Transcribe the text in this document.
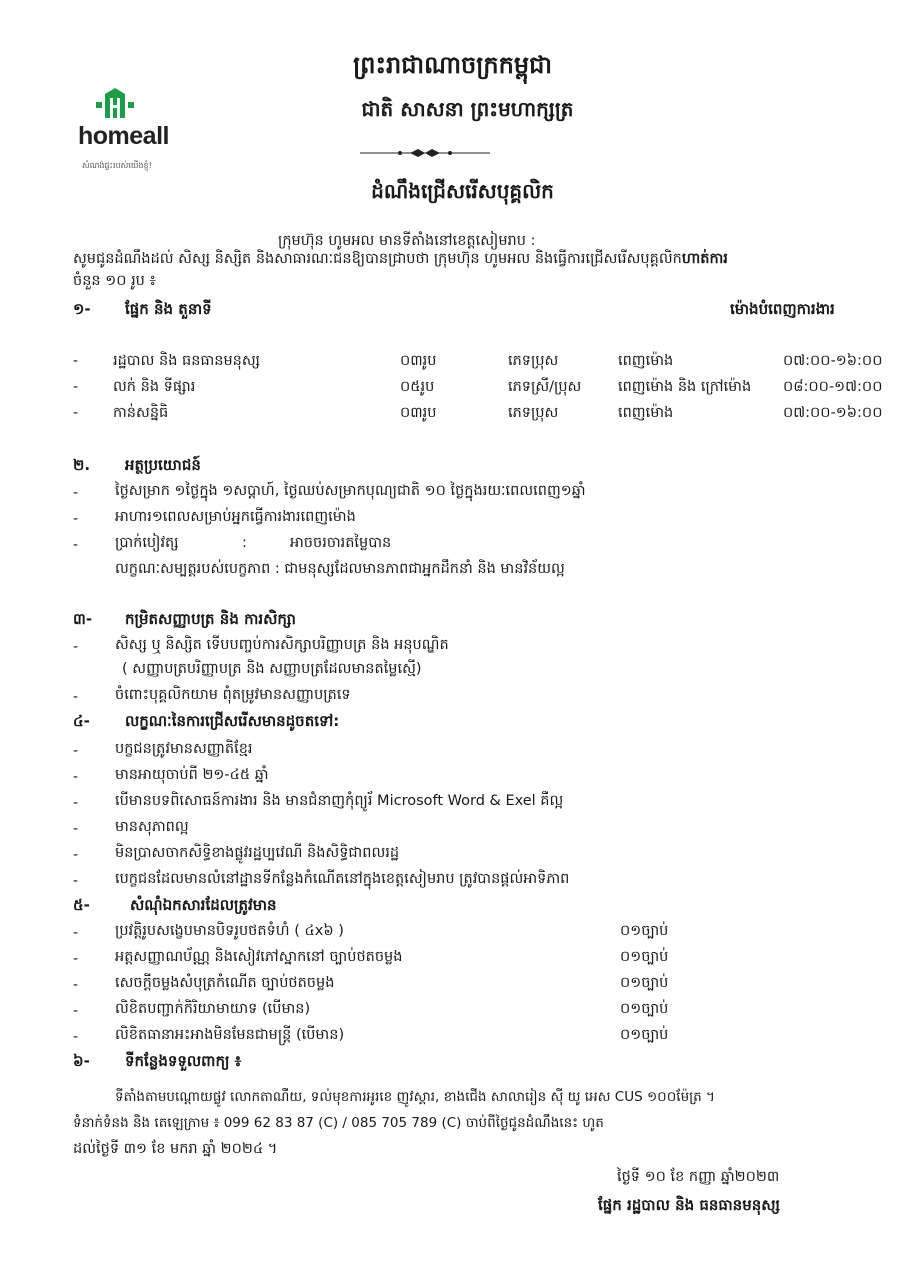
homeall
សំណង់ផ្ទះរបស់យើងខ្ញុំ!
ព្រះរាជាណាចក្រកម្ពុជា
ជាតិ សាសនា ព្រះមហាក្សត្រ
ដំណឹងជ្រើសរើសបុគ្គលិក
ក្រុមហ៊ុន ហូមអល មានទីតាំងនៅខេត្តសៀមរាប :
សូមជូនដំណឹងដល់ សិស្ស និស្សិត និងសាធារណៈជនឱ្យបានជ្រាបថា ក្រុមហ៊ុន ហូមអល និងធ្វើការជ្រើសរើសបុគ្គលិកហាត់ការ
ចំនួន ១០ រូប ៖
១- ផ្នែក និង តួនាទី	ម៉ោងបំពេញការងារ
- រដ្ឋបាល និង ធនធានមនុស្ស	០៣រូប	ភេទប្រុស	ពេញម៉ោង	០៧:០០-១៦:០០
- លក់ និង ទីផ្សារ	០៥រូប	ភេទស្រី/ប្រុស	ពេញម៉ោង និង ក្រៅម៉ោង ០៨:០០-១៧:០០
- កាន់សន្និធិ	០៣រូប	ភេទប្រុស	ពេញម៉ោង	០៧:០០-១៦:០០
២. អត្ថប្រយោជន៍
-	ថ្ងៃសម្រាក ១ថ្ងៃក្នុង ១សប្តាហ៍, ថ្ងៃឈប់សម្រាកបុណ្យជាតិ ១០ ថ្ងៃក្នុងរយៈពេលពេញ១ឆ្នាំ
-	អាហារ១ពេលសម្រាប់អ្នកធ្វើការងារពេញម៉ោង
-	ប្រាក់បៀវត្ស	:	អាចចរចារតម្លៃបាន
លក្ខណៈសម្បត្តរបស់បេក្ខភាព : ជាមនុស្សដែលមានភាពជាអ្នកដឹកនាំ និង មានវិន័យល្អ
៣- កម្រិតសញ្ញាបត្រ និង ការសិក្សា
-	សិស្ស ឬ និស្សិត ទើបបញ្ចប់ការសិក្សាបរិញ្ញាបត្រ និង អនុបណ្ឌិត
( សញ្ញាបត្របរិញ្ញាបត្រ និង សញ្ញាបត្រដែលមានតម្លៃស្មើ)
-	ចំពោះបុគ្គលិកយាម ពុំតម្រូវមានសញ្ញាបត្រទេ
៤- លក្ខណៈនៃការជ្រើសរើសមានដូចតទៅ:
-	បក្ខជនត្រូវមានសញ្ញាតិខ្មែរ
-	មានអាយុចាប់ពី ២១-៤៥ ឆ្នាំ
-	បើមានបទពិសោធន៍ការងារ និង មានជំនាញកុំព្យូរ័ Microsoft Word & Exel គឺល្អ
-	មានសុភាពល្អ
-	មិនប្រាសចាកសិទ្ធិខាងផ្លូវរដ្ឋប្បវេណី និងសិទ្ធិជាពលរដ្ឋ
-	បេក្ខជនដែលមានលំនៅដ្ឋានទីកន្លែងកំណើតនៅក្នុងខេត្តសៀមរាប ត្រូវបានផ្តល់អាទិភាព
៥-	សំណុំឯកសារដែលត្រូវមាន
-	ប្រវត្តិរូបសង្ខេបមានបិទរូបថតទំហំ ( ៤x៦ )	០១ច្បាប់
-	អត្តសញ្ញាណប័ណ្ណ និងសៀវភៅស្នាកនៅ ច្បាប់ថតចម្លង	០១ច្បាប់
-	សេចក្តីចម្លងសំបុត្រកំណើត ច្បាប់ថតចម្លង	០១ច្បាប់
-	លិខិតបញ្ជាក់កិរិយាមាយាទ (បើមាន)	០១ច្បាប់
-	លិខិតធានាអះអាងមិនមែនជាមន្ត្រី (បើមាន)	០១ច្បាប់
៦- ទីកន្លែងទទួលពាក្យ ៖
ទីតាំងតាមបណ្តោយផ្លូវ លោកតាណឺយ, ទល់មុខការអូរខេ ញូវស្គារ, ខាងជើង សាលារៀន ស៊ី យូ អេស CUS ១០០ម៉ែត្រ ។
ទំនាក់ទំនង និង តេឡេក្រាម ៖ 099 62 83 87 (C) / 085 705 789 (C) ចាប់ពីថ្ងៃជូនដំណឹងនេះ ហូត
ដល់ថ្ងៃទី ៣១ ខែ មករា ឆ្នាំ ២០២៤ ។
ថ្ងៃទី ១០ ខែ កញ្ញា ឆ្នាំ២០២៣
ផ្នែក រដ្ឋបាល និង ធនធានមនុស្ស
